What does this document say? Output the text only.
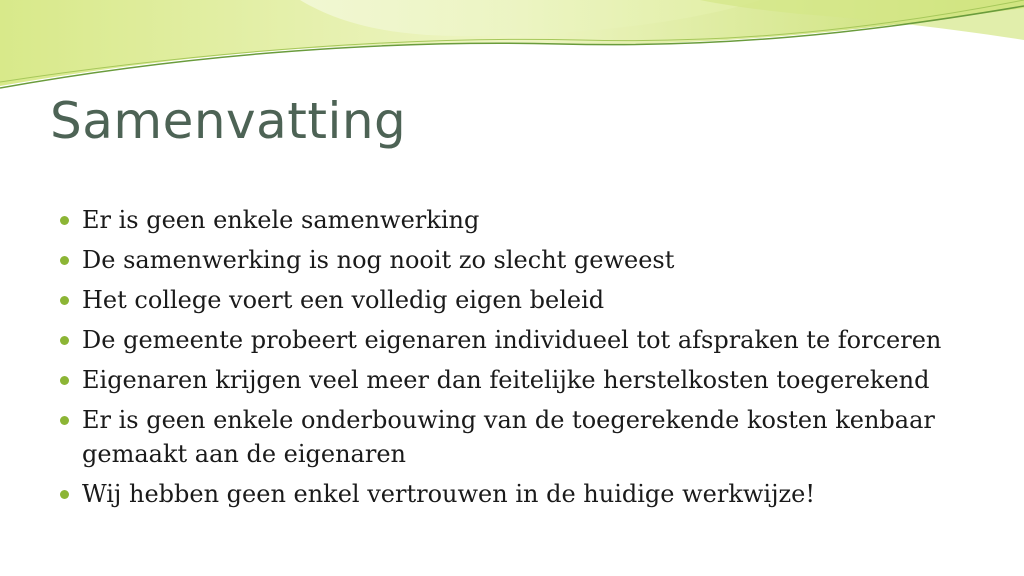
Samenvatting
Er is geen enkele samenwerking
De samenwerking is nog nooit zo slecht geweest
Het college voert een volledig eigen beleid
De gemeente probeert eigenaren individueel tot afspraken te forceren
Eigenaren krijgen veel meer dan feitelijke herstelkosten toegerekend
Er is geen enkele onderbouwing van de toegerekende kosten kenbaar gemaakt aan de eigenaren
Wij hebben geen enkel vertrouwen in de huidige werkwijze!
